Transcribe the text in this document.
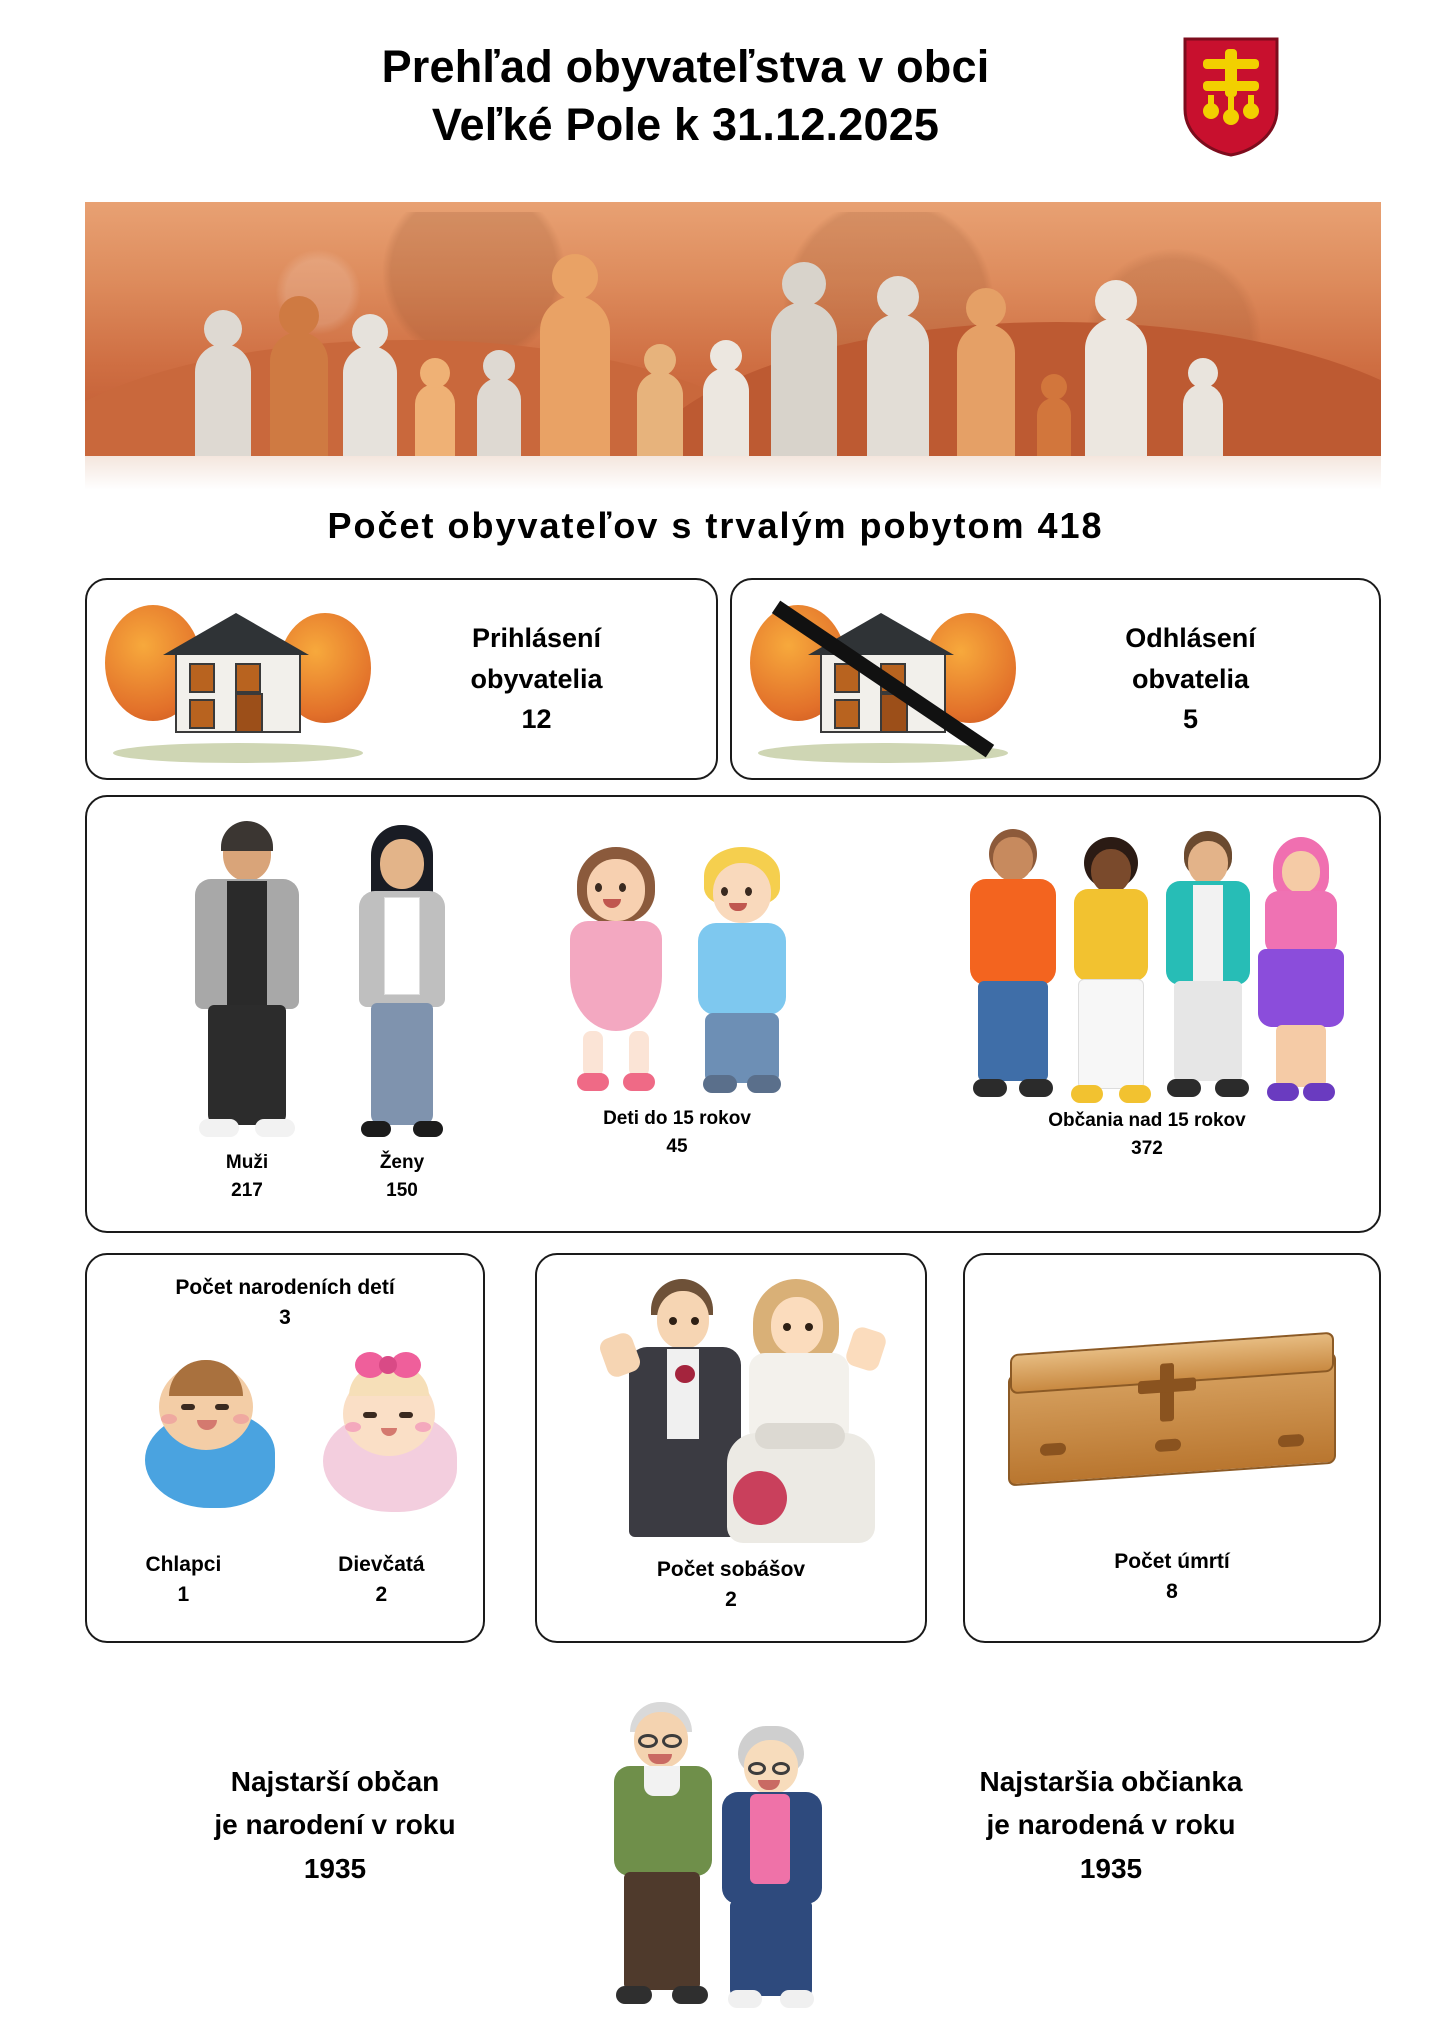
Prehľad obyvateľstva v obci
Veľké Pole k 31.12.2025
Počet obyvateľov s trvalým pobytom 418
Prihlásení
obyvatelia
12
Odhlásení
obvatelia
5
Muži
217
Ženy
150
Deti do 15 rokov
45
Občania nad 15 rokov
372
Počet narodeních detí
3
Chlapci
1
Dievčatá
2
Počet sobášov
2
Počet úmrtí
8
Najstarší občan
je narodení v roku
1935
Najstaršia občianka
je narodená v roku
1935
